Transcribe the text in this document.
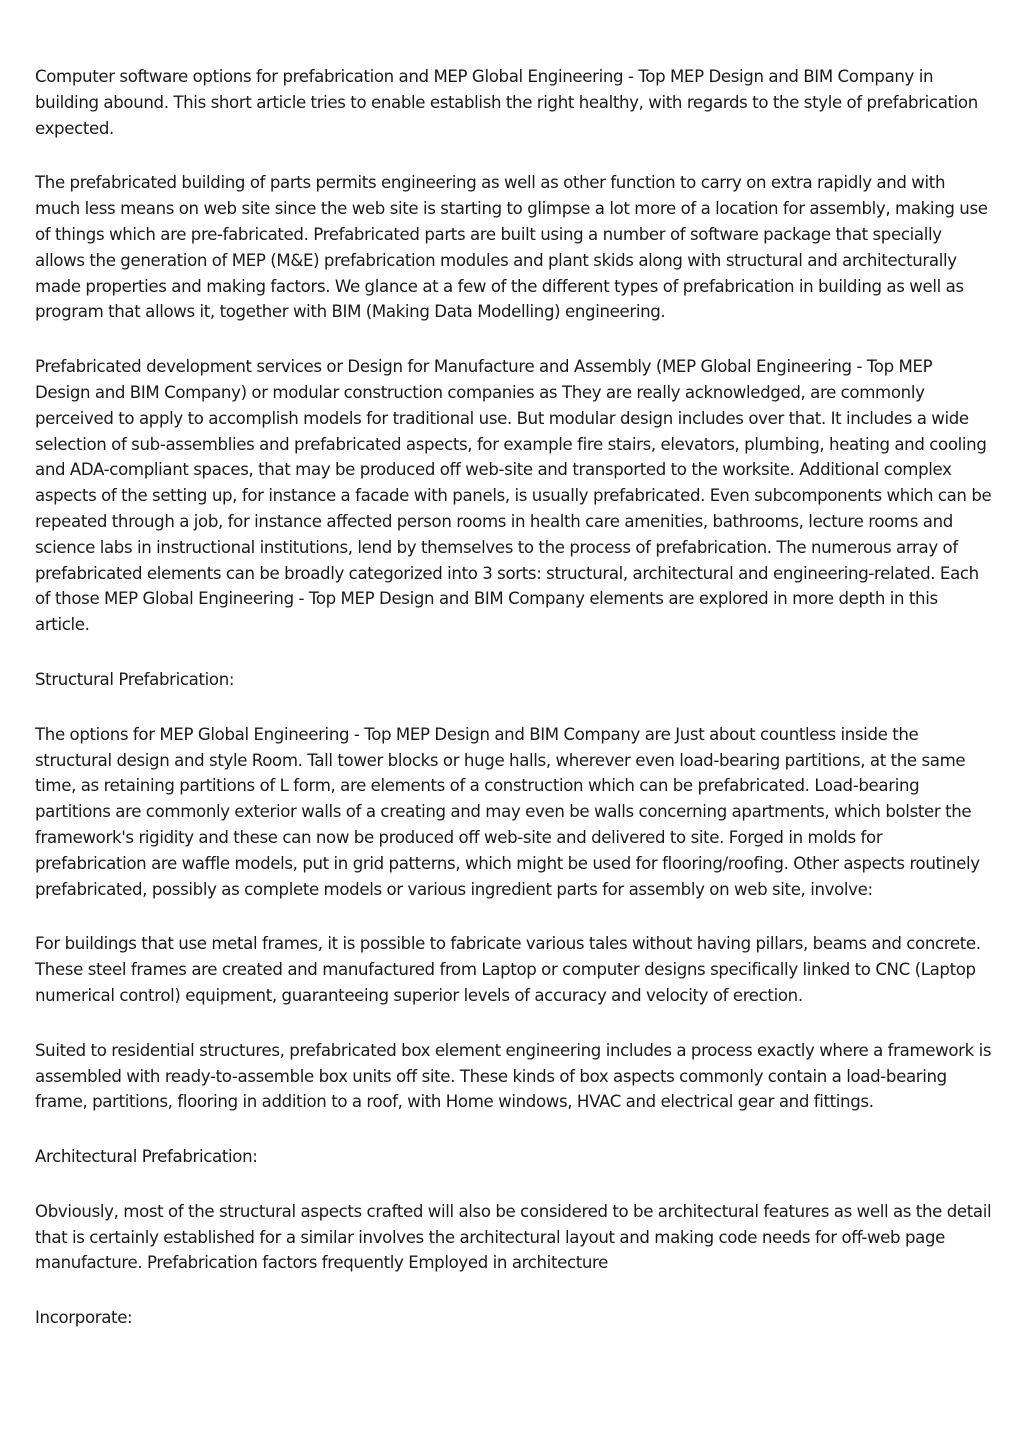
Computer software options for prefabrication and MEP Global Engineering - Top MEP Design and BIM Company in building abound. This short article tries to enable establish the right healthy, with regards to the style of prefabrication expected.

The prefabricated building of parts permits engineering as well as other function to carry on extra rapidly and with much less means on web site since the web site is starting to glimpse a lot more of a location for assembly, making use of things which are pre-fabricated. Prefabricated parts are built using a number of software package that specially allows the generation of MEP (M&E) prefabrication modules and plant skids along with structural and architecturally made properties and making factors. We glance at a few of the different types of prefabrication in building as well as program that allows it, together with BIM (Making Data Modelling) engineering.

Prefabricated development services or Design for Manufacture and Assembly (MEP Global Engineering - Top MEP Design and BIM Company) or modular construction companies as They are really acknowledged, are commonly perceived to apply to accomplish models for traditional use. But modular design includes over that. It includes a wide selection of sub-assemblies and prefabricated aspects, for example fire stairs, elevators, plumbing, heating and cooling and ADA-compliant spaces, that may be produced off web-site and transported to the worksite. Additional complex aspects of the setting up, for instance a facade with panels, is usually prefabricated. Even subcomponents which can be repeated through a job, for instance affected person rooms in health care amenities, bathrooms, lecture rooms and science labs in instructional institutions, lend by themselves to the process of prefabrication. The numerous array of prefabricated elements can be broadly categorized into 3 sorts: structural, architectural and engineering-related. Each of those MEP Global Engineering - Top MEP Design and BIM Company elements are explored in more depth in this article.

Structural Prefabrication:

The options for MEP Global Engineering - Top MEP Design and BIM Company are Just about countless inside the structural design and style Room. Tall tower blocks or huge halls, wherever even load-bearing partitions, at the same time, as retaining partitions of L form, are elements of a construction which can be prefabricated. Load-bearing partitions are commonly exterior walls of a creating and may even be walls concerning apartments, which bolster the framework's rigidity and these can now be produced off web-site and delivered to site. Forged in molds for prefabrication are waffle models, put in grid patterns, which might be used for flooring/roofing. Other aspects routinely prefabricated, possibly as complete models or various ingredient parts for assembly on web site, involve:

For buildings that use metal frames, it is possible to fabricate various tales without having pillars, beams and concrete. These steel frames are created and manufactured from Laptop or computer designs specifically linked to CNC (Laptop numerical control) equipment, guaranteeing superior levels of accuracy and velocity of erection.

Suited to residential structures, prefabricated box element engineering includes a process exactly where a framework is assembled with ready-to-assemble box units off site. These kinds of box aspects commonly contain a load-bearing frame, partitions, flooring in addition to a roof, with Home windows, HVAC and electrical gear and fittings.

Architectural Prefabrication:

Obviously, most of the structural aspects crafted will also be considered to be architectural features as well as the detail that is certainly established for a similar involves the architectural layout and making code needs for off-web page manufacture. Prefabrication factors frequently Employed in architecture

Incorporate:
